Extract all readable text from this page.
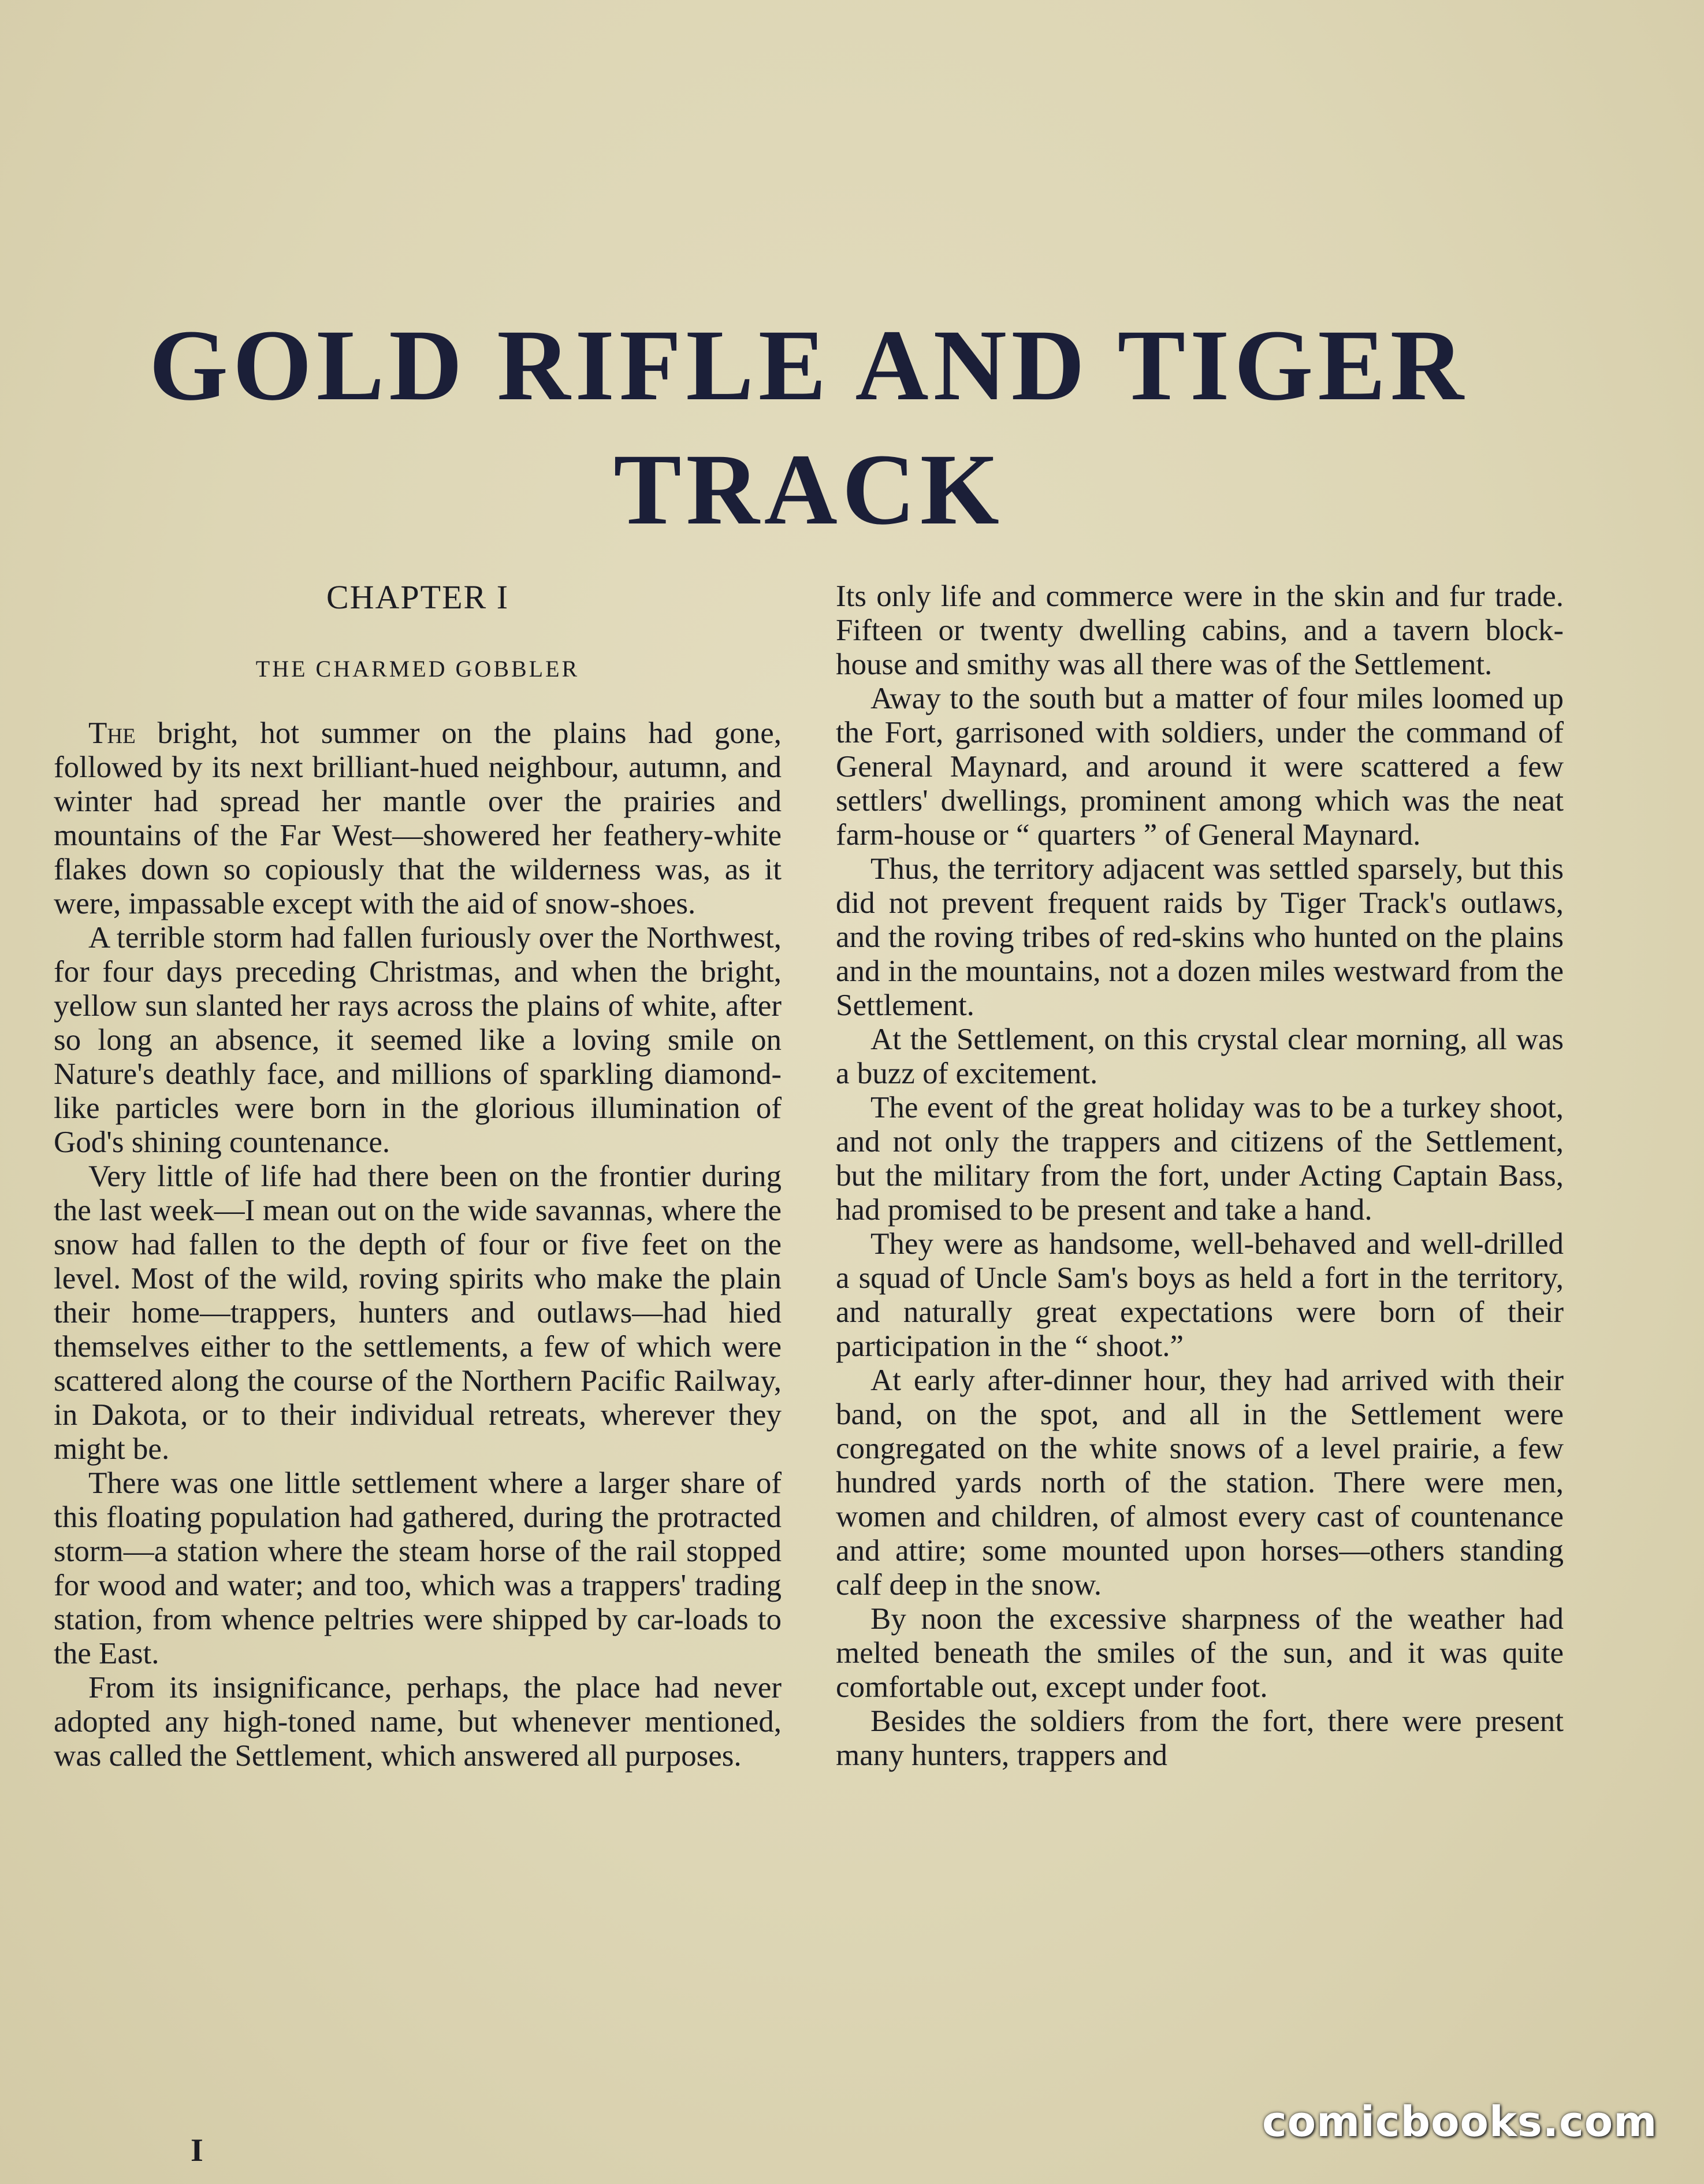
GOLD RIFLE AND TIGER
TRACK
CHAPTER I
THE CHARMED GOBBLER

The bright, hot summer on the plains had gone, followed by its next brilliant-hued neighbour, autumn, and winter had spread her mantle over the prairies and mountains of the Far West—showered her feathery-white flakes down so copiously that the wilderness was, as it were, impassable except with the aid of snow-shoes.

A terrible storm had fallen furiously over the Northwest, for four days preceding Christmas, and when the bright, yellow sun slanted her rays across the plains of white, after so long an absence, it seemed like a loving smile on Nature's deathly face, and millions of sparkling diamond-like particles were born in the glorious illumination of God's shining countenance.

Very little of life had there been on the frontier during the last week—I mean out on the wide savannas, where the snow had fallen to the depth of four or five feet on the level. Most of the wild, roving spirits who make the plain their home—trappers, hunters and outlaws—had hied themselves either to the settlements, a few of which were scattered along the course of the Northern Pacific Railway, in Dakota, or to their individual retreats, wherever they might be.

There was one little settlement where a larger share of this floating population had gathered, during the protracted storm—a station where the steam horse of the rail stopped for wood and water; and too, which was a trappers' trading station, from whence peltries were shipped by car-loads to the East.

From its insignificance, perhaps, the place had never adopted any high-toned name, but whenever mentioned, was called the Settlement, which answered all purposes.

Its only life and commerce were in the skin and fur trade. Fifteen or twenty dwelling cabins, and a tavern block-house and smithy was all there was of the Settlement.

Away to the south but a matter of four miles loomed up the Fort, garrisoned with soldiers, under the command of General Maynard, and around it were scattered a few settlers' dwellings, prominent among which was the neat farm-house or “ quarters ” of General Maynard.

Thus, the territory adjacent was settled sparsely, but this did not prevent frequent raids by Tiger Track's outlaws, and the roving tribes of red-skins who hunted on the plains and in the mountains, not a dozen miles westward from the Settlement.

At the Settlement, on this crystal clear morning, all was a buzz of excitement.

The event of the great holiday was to be a turkey shoot, and not only the trappers and citizens of the Settlement, but the military from the fort, under Acting Captain Bass, had promised to be present and take a hand.

They were as handsome, well-behaved and well-drilled a squad of Uncle Sam's boys as held a fort in the territory, and naturally great expectations were born of their participation in the “ shoot.”

At early after-dinner hour, they had arrived with their band, on the spot, and all in the Settlement were congregated on the white snows of a level prairie, a few hundred yards north of the station. There were men, women and children, of almost every cast of countenance and attire; some mounted upon horses—others standing calf deep in the snow.

By noon the excessive sharpness of the weather had melted beneath the smiles of the sun, and it was quite comfortable out, except under foot.

Besides the soldiers from the fort, there were present many hunters, trappers and

I
comicbooks.com
